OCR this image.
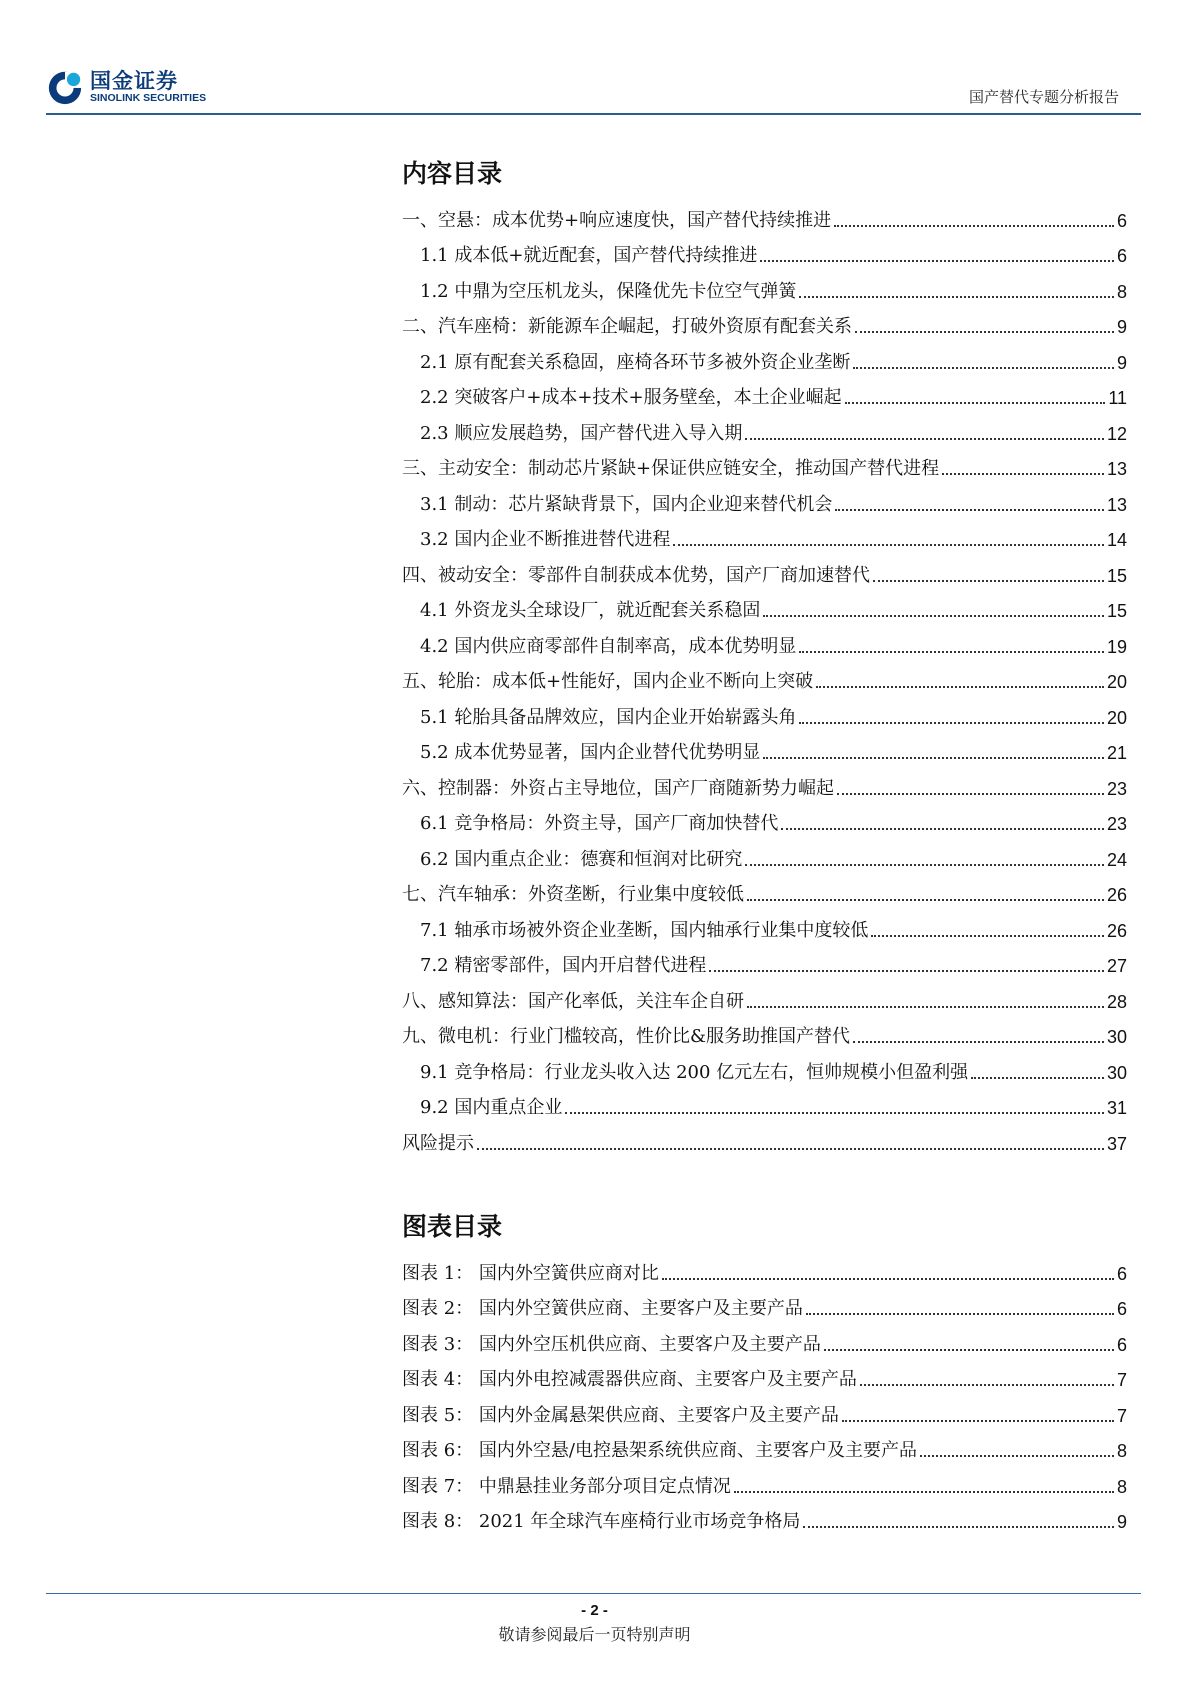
国金证券
SINOLINK SECURITIES	国产替代专题分析报告
内容目录
一、空悬：成本优势+响应速度快，国产替代持续推进	6
1.1 成本低+就近配套，国产替代持续推进	6
1.2 中鼎为空压机龙头，保隆优先卡位空气弹簧	8
二、汽车座椅：新能源车企崛起，打破外资原有配套关系	9
2.1 原有配套关系稳固，座椅各环节多被外资企业垄断	9
2.2 突破客户+成本+技术+服务壁垒，本土企业崛起	11
2.3 顺应发展趋势，国产替代进入导入期	12
三、主动安全：制动芯片紧缺+保证供应链安全，推动国产替代进程	13
3.1 制动：芯片紧缺背景下，国内企业迎来替代机会	13
3.2 国内企业不断推进替代进程	14
四、被动安全：零部件自制获成本优势，国产厂商加速替代	15
4.1 外资龙头全球设厂，就近配套关系稳固	15
4.2 国内供应商零部件自制率高，成本优势明显	19
五、轮胎：成本低+性能好，国内企业不断向上突破	20
5.1 轮胎具备品牌效应，国内企业开始崭露头角	20
5.2 成本优势显著，国内企业替代优势明显	21
六、控制器：外资占主导地位，国产厂商随新势力崛起	23
6.1 竞争格局：外资主导，国产厂商加快替代	23
6.2 国内重点企业：德赛和恒润对比研究	24
七、汽车轴承：外资垄断，行业集中度较低	26
7.1 轴承市场被外资企业垄断，国内轴承行业集中度较低	26
7.2 精密零部件，国内开启替代进程	27
八、感知算法：国产化率低，关注车企自研	28
九、微电机：行业门槛较高，性价比&服务助推国产替代	30
9.1 竞争格局：行业龙头收入达 200 亿元左右，恒帅规模小但盈利强	30
9.2 国内重点企业	31
风险提示	37
图表目录
图表 1： 国内外空簧供应商对比	6
图表 2： 国内外空簧供应商、主要客户及主要产品	6
图表 3： 国内外空压机供应商、主要客户及主要产品	6
图表 4： 国内外电控减震器供应商、主要客户及主要产品	7
图表 5： 国内外金属悬架供应商、主要客户及主要产品	7
图表 6： 国内外空悬/电控悬架系统供应商、主要客户及主要产品	8
图表 7： 中鼎悬挂业务部分项目定点情况	8
图表 8： 2021 年全球汽车座椅行业市场竞争格局	9
- 2 -
敬请参阅最后一页特别声明
